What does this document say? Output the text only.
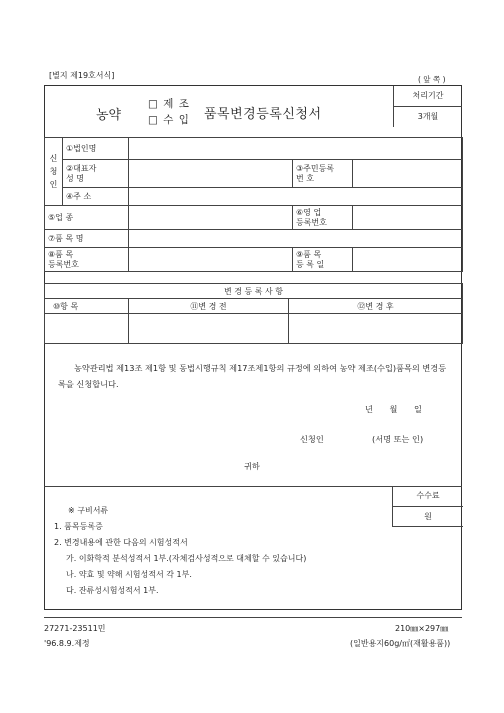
[별지 제19호서식]	( 앞 쪽 )
농약
□ 제 조
□ 수 입 품목변경등록신청서
처리기간
3개월
신
청
인	①법인명			
	②대표자
성 명		③주민등록
번 호	
	④주 소			
⑤업 종			⑥영 업
등록번호	
⑦품 목 명				
⑧품 목
등록번호			⑨품 목
등 록 일	
변 경 등 록 사 항		
⑩항 목	⑪변 경 전	⑫변 경 후

농약관리법 제13조 제1항 및 동법시행규칙 제17조제1항의 규정에 의하여 농약 제조(수입)품목의 변경등록을 신청합니다.
년 월 일
신청인	(서명 또는 인)
귀하
수수료
원
※ 구비서류
1. 품목등록증
2. 변경내용에 관한 다음의 시험성적서
가. 이화학적 분석성적서 1부.(자체검사성적으로 대체할 수 있습니다)
나. 약효 및 약해 시험성적서 각 1부.
다. 잔류성시험성적서 1부.
27271-23511민
'96.8.9.제정
210㎜×297㎜
(일반용지60g/㎡(재활용품))
